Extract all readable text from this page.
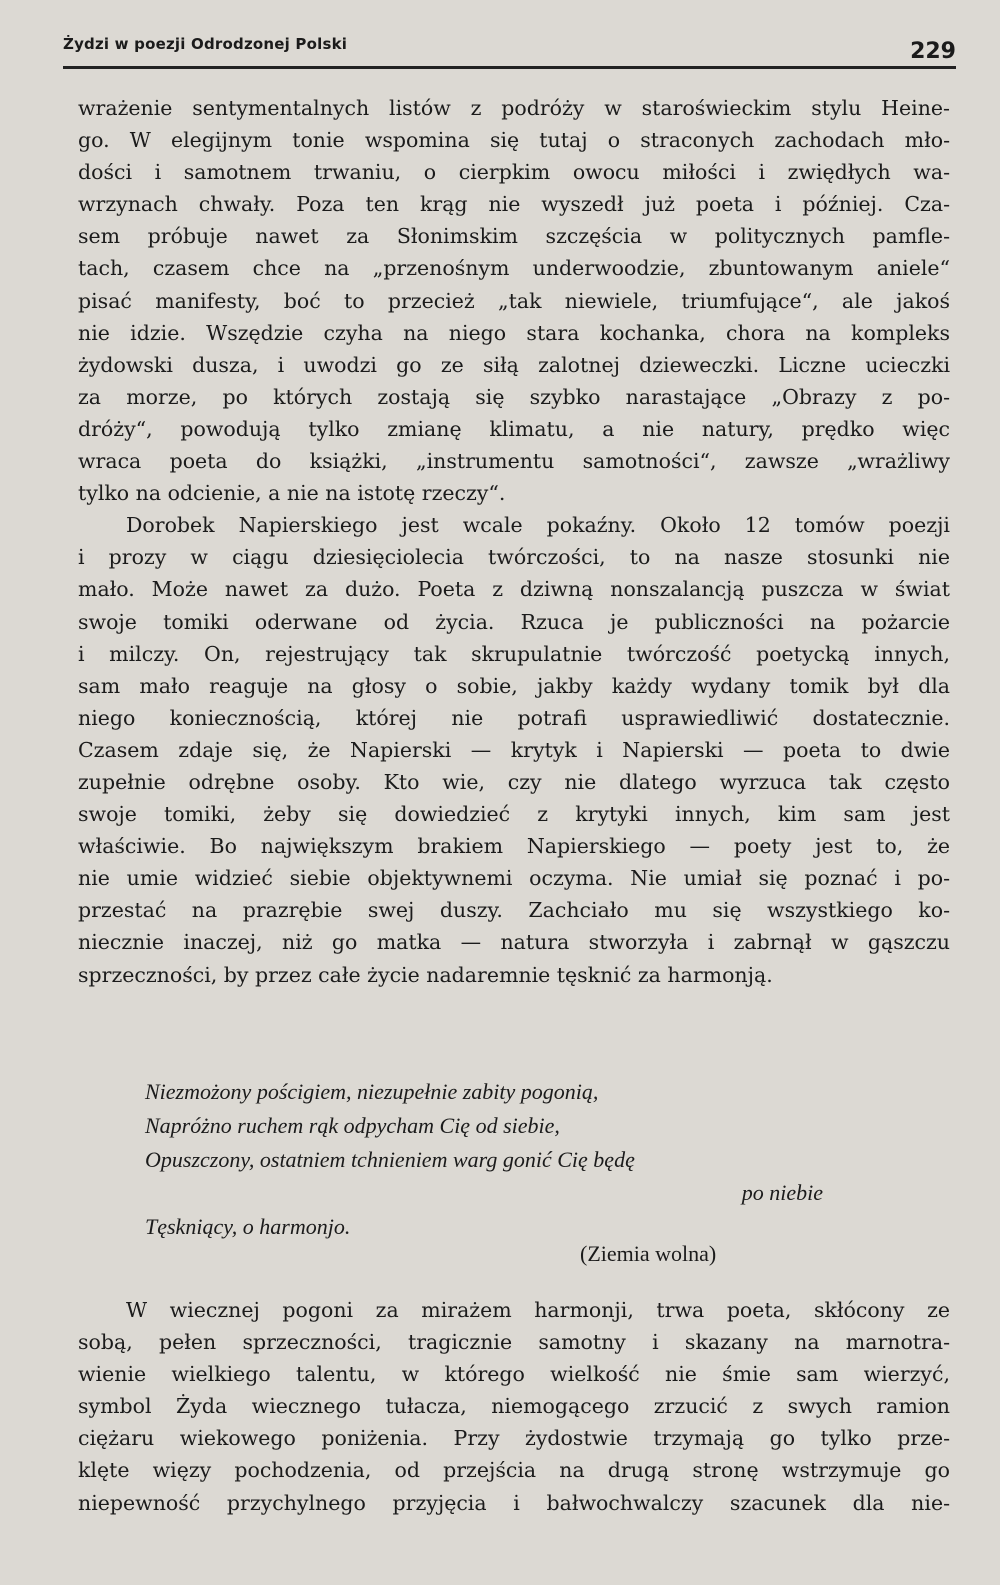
Żydzi w poezji Odrodzonej Polski	229
wrażenie sentymentalnych listów z podróży w staroświeckim stylu Heine-
go. W elegijnym tonie wspomina się tutaj o straconych zachodach mło-
dości i samotnem trwaniu, o cierpkim owocu miłości i zwiędłych wa-
wrzynach chwały. Poza ten krąg nie wyszedł już poeta i później. Cza-
sem próbuje nawet za Słonimskim szczęścia w politycznych pamfle-
tach, czasem chce na „przenośnym underwoodzie, zbuntowanym aniele“
pisać manifesty, boć to przecież „tak niewiele, triumfujące“, ale jakoś
nie idzie. Wszędzie czyha na niego stara kochanka, chora na kompleks
żydowski dusza, i uwodzi go ze siłą zalotnej dzieweczki. Liczne ucieczki
za morze, po których zostają się szybko narastające „Obrazy z po-
dróży“, powodują tylko zmianę klimatu, a nie natury, prędko więc
wraca poeta do książki, „instrumentu samotności“, zawsze „wrażliwy
tylko na odcienie, a nie na istotę rzeczy“.
Dorobek Napierskiego jest wcale pokaźny. Około 12 tomów poezji
i prozy w ciągu dziesięciolecia twórczości, to na nasze stosunki nie
mało. Może nawet za dużo. Poeta z dziwną nonszalancją puszcza w świat
swoje tomiki oderwane od życia. Rzuca je publiczności na pożarcie
i milczy. On, rejestrujący tak skrupulatnie twórczość poetycką innych,
sam mało reaguje na głosy o sobie, jakby każdy wydany tomik był dla
niego koniecznością, której nie potrafi usprawiedliwić dostatecznie.
Czasem zdaje się, że Napierski — krytyk i Napierski — poeta to dwie
zupełnie odrębne osoby. Kto wie, czy nie dlatego wyrzuca tak często
swoje tomiki, żeby się dowiedzieć z krytyki innych, kim sam jest
właściwie. Bo największym brakiem Napierskiego — poety jest to, że
nie umie widzieć siebie objektywnemi oczyma. Nie umiał się poznać i po-
przestać na prazrębie swej duszy. Zachciało mu się wszystkiego ko-
niecznie inaczej, niż go matka — natura stworzyła i zabrnął w gąszczu
sprzeczności, by przez całe życie nadaremnie tęsknić za harmonją.
Niezmożony pościgiem, niezupełnie zabity pogonią,
Napróżno ruchem rąk odpycham Cię od siebie,
Opuszczony, ostatniem tchnieniem warg gonić Cię będę
po niebie
Tęskniący, o harmonjo.
(Ziemia wolna)
W wiecznej pogoni za mirażem harmonji, trwa poeta, skłócony ze
sobą, pełen sprzeczności, tragicznie samotny i skazany na marnotra-
wienie wielkiego talentu, w którego wielkość nie śmie sam wierzyć,
symbol Żyda wiecznego tułacza, niemogącego zrzucić z swych ramion
ciężaru wiekowego poniżenia. Przy żydostwie trzymają go tylko prze-
klęte więzy pochodzenia, od przejścia na drugą stronę wstrzymuje go
niepewność przychylnego przyjęcia i bałwochwalczy szacunek dla nie-
